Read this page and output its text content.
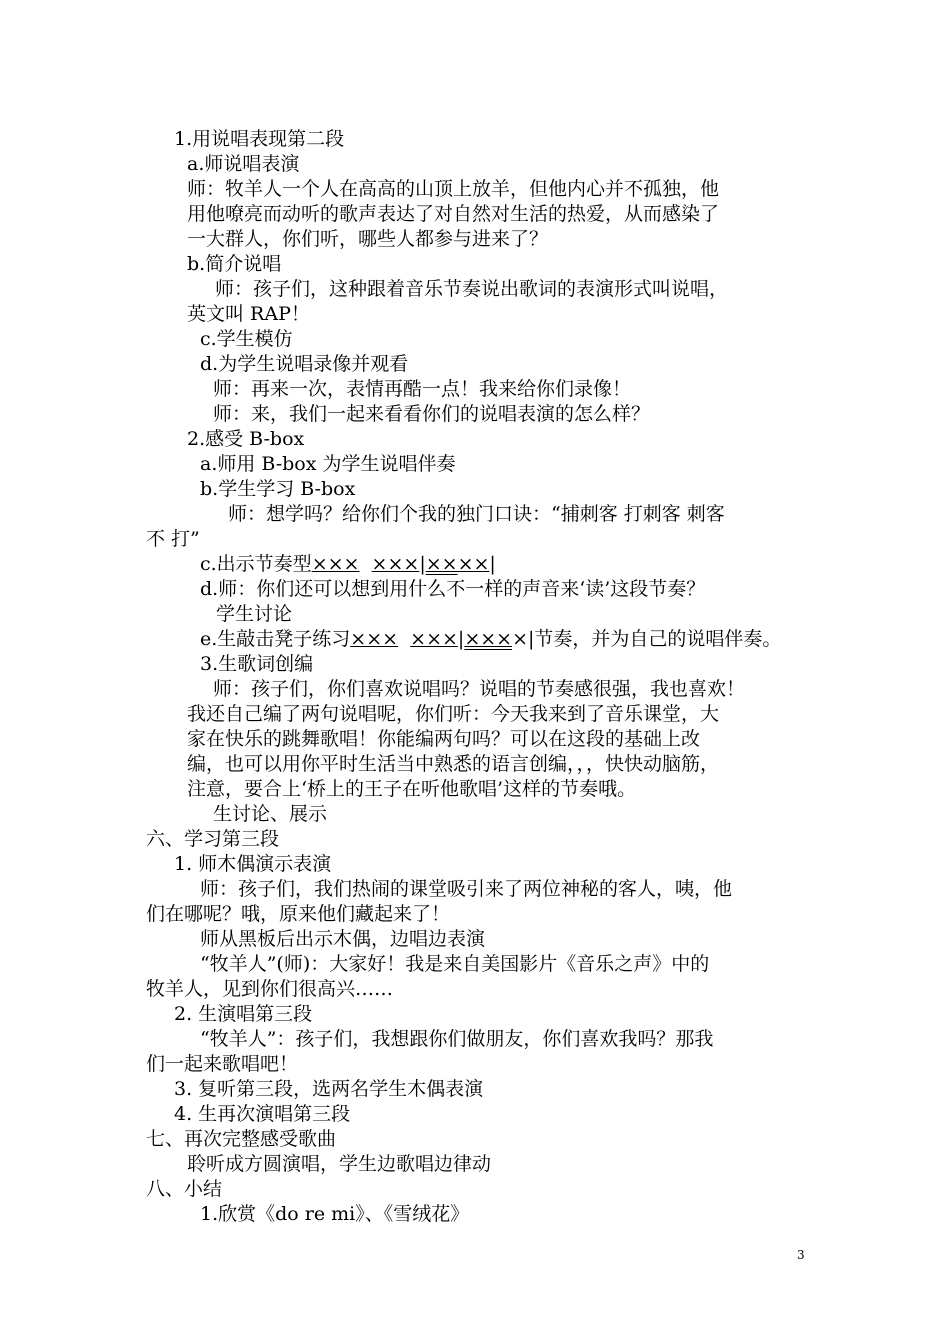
1.用说唱表现第二段
a.师说唱表演
师：牧羊人一个人在高高的山顶上放羊，但他内心并不孤独，他
用他嘹亮而动听的歌声表达了对自然对生活的热爱，从而感染了
一大群人，你们听，哪些人都参与进来了？
b.简介说唱
师：孩子们，这种跟着音乐节奏说出歌词的表演形式叫说唱，
英文叫 RAP！
c.学生模仿
d.为学生说唱录像并观看
师：再来一次，表情再酷一点！我来给你们录像！
师：来，我们一起来看看你们的说唱表演的怎么样？
2.感受 B-box
a.师用 B-box 为学生说唱伴奏
b.学生学习 B-box
师：想学吗？给你们个我的独门口诀：“捕刺客 打刺客 刺客
不 打”
c.出示节奏型××× ×××|××××|
d.师：你们还可以想到用什么不一样的声音来‘读’这段节奏？
学生讨论
e.生敲击凳子练习××× ×××|××××|节奏，并为自己的说唱伴奏。
3.生歌词创编
师：孩子们，你们喜欢说唱吗？说唱的节奏感很强，我也喜欢！
我还自己编了两句说唱呢，你们听：今天我来到了音乐课堂，大
家在快乐的跳舞歌唱！你能编两句吗？可以在这段的基础上改
编，也可以用你平时生活当中熟悉的语言创编，，，快快动脑筋，
注意，要合上‘桥上的王子在听他歌唱’这样的节奏哦。
生讨论、展示
六、学习第三段
1. 师木偶演示表演
师：孩子们，我们热闹的课堂吸引来了两位神秘的客人，咦，他
们在哪呢？哦，原来他们藏起来了！
师从黑板后出示木偶，边唱边表演
“牧羊人”(师)：大家好！我是来自美国影片《音乐之声》中的
牧羊人，见到你们很高兴……
2. 生演唱第三段
“牧羊人”：孩子们，我想跟你们做朋友，你们喜欢我吗？那我
们一起来歌唱吧！
3. 复听第三段，选两名学生木偶表演
4. 生再次演唱第三段
七、再次完整感受歌曲
聆听成方圆演唱，学生边歌唱边律动
八、小结
1.欣赏《do re mi》、《雪绒花》
3
